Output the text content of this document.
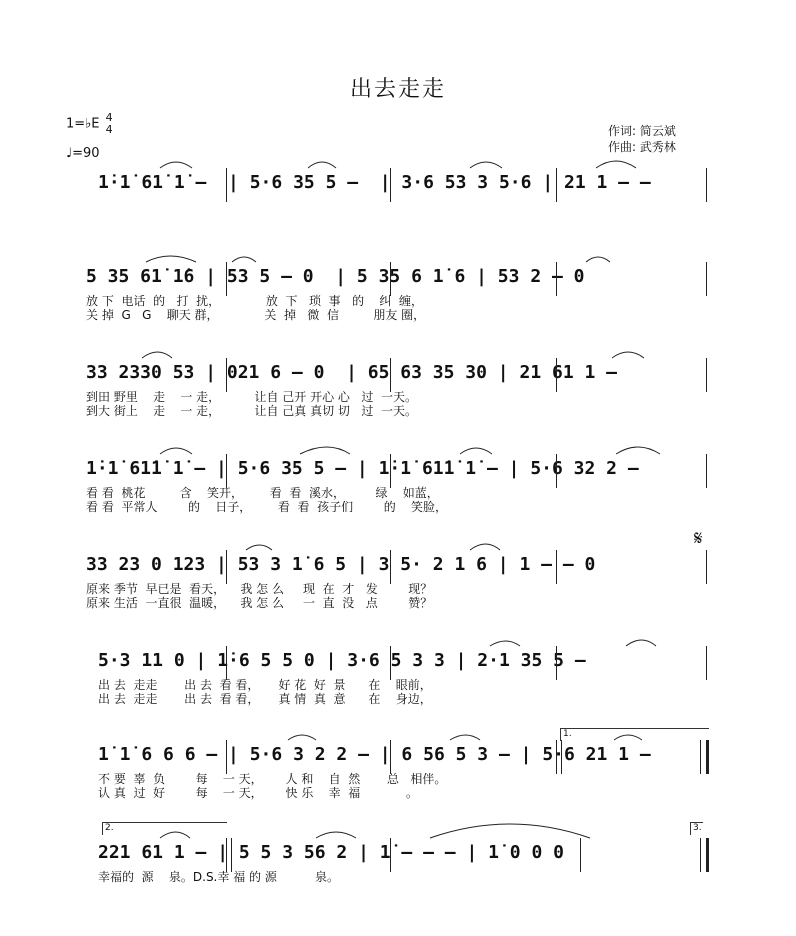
出去走走
1=♭E 4
4
♩=90
作词: 简云斌
作曲: 武秀林
1̇·1̇ 61̇ 1̇ –  | 5·6 35 5 –  | 3·6 53 3 5·6 | 21 1 – –
5 35 61̇ 1̇6 | 53 5 – 0  | 5 35 6 1̇ 6 | 53 2 – 0
放 下  电话  的   打  扰，            放  下   琐  事   的    纠  缠，
关 掉  G   G    聊天 群，            关  掉   微  信         朋友 圈，
33 2330 53 | 021 6 – 0  | 65 63 35 30 | 21 61 1 –
到田 野里    走    一 走，         让自 己开 开心 心   过  一天。
到大 街上    走    一 走，         让自 己真 真切 切   过  一天。
1̇·1̇ 61̇1̇ 1̇ – | 5·6 35 5 – | 1̇·1̇ 61̇1̇ 1̇ – | 5·6 32 2 –
看 看  桃花         含    笑开，       看  看  溪水，        绿    如蓝，
看 看  平常人        的    日子，       看  看  孩子们        的    笑脸，
33 23 0 123 | 53 3 1̇ 6 5 | 3 5· 2 1 6 | 1 – – 0
原来 季节  早已是  看天，    我 怎 么     现  在  才   发        现？
原来 生活  一直很  温暖，    我 怎 么     一  直  没   点        赞？
𝄋
5·3 11 0 | 1̇·6 5 5 0 | 3·6 5 3 3 | 2·1 35 5 –
出 去  走走       出 去  看 看，     好 花  好  景      在    眼前，
出 去  走走       出 去  看 看，     真 情  真  意      在    身边，
1.
1̇ 1̇ 6 6 6 – | 5·6 3 2 2 – | 6 56 5 3 – | 5·6 21 1 –
不 要  辜  负        每    一 天，      人 和    自  然       总   相伴。
认 真  过  好        每    一 天，      快 乐    幸  福            。
2.	3.
221 61 1 – | 5 5 3 56 2 | 1̇ – – – | 1̇ 0 0 0
幸福的  源    泉。D.S.幸 福 的 源          泉。
